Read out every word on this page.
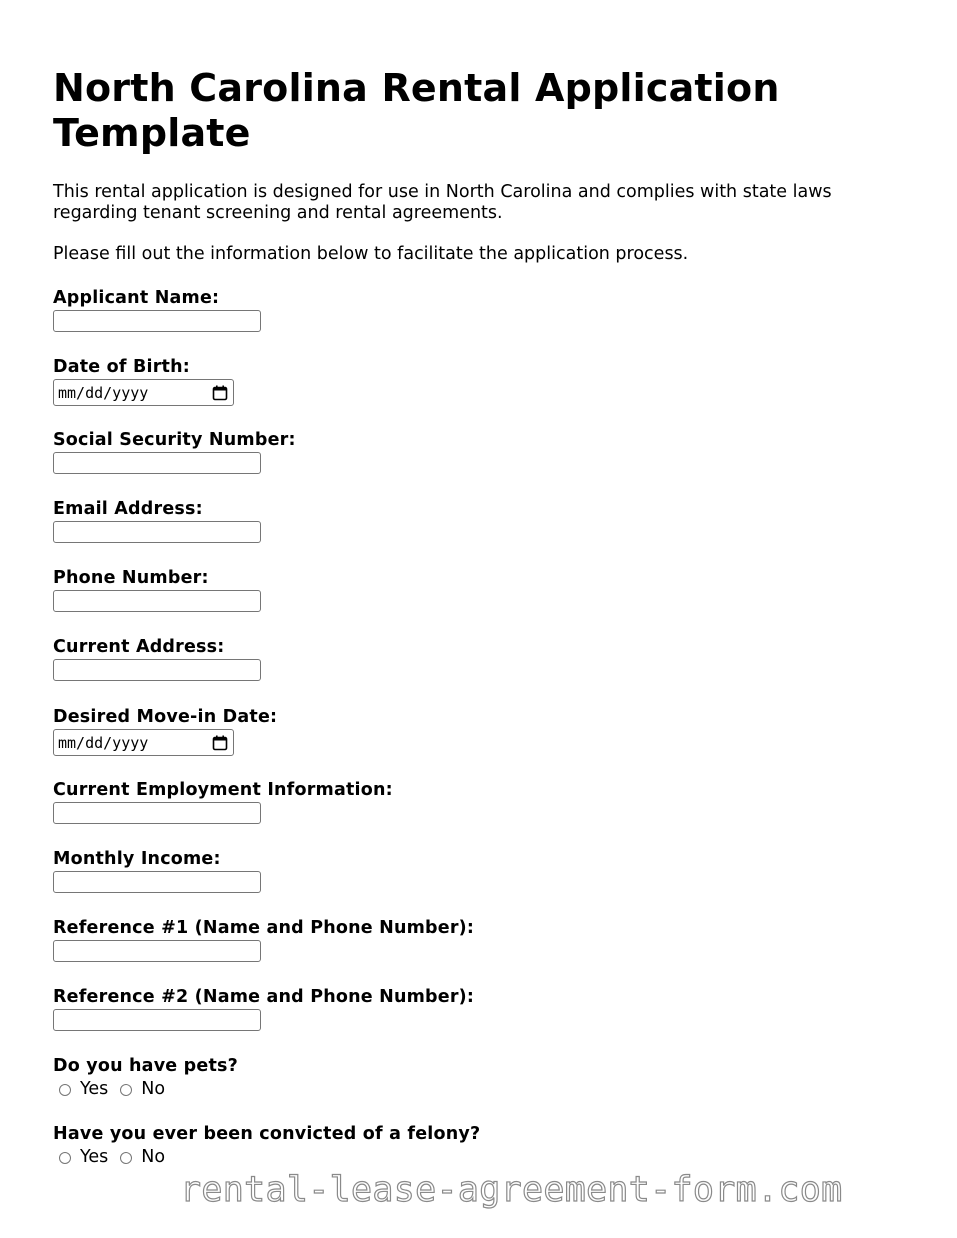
North Carolina Rental Application Template

This rental application is designed for use in North Carolina and complies with state laws regarding tenant screening and rental agreements.

Please fill out the information below to facilitate the application process.

Applicant Name:
Date of Birth:
mm/dd/yyyy
Social Security Number:
Email Address:
Phone Number:
Current Address:
Desired Move-in Date:
mm/dd/yyyy
Current Employment Information:
Monthly Income:
Reference #1 (Name and Phone Number):
Reference #2 (Name and Phone Number):
Do you have pets?
Yes No
Have you ever been convicted of a felony?
Yes No
rental-lease-agreement-form.com
